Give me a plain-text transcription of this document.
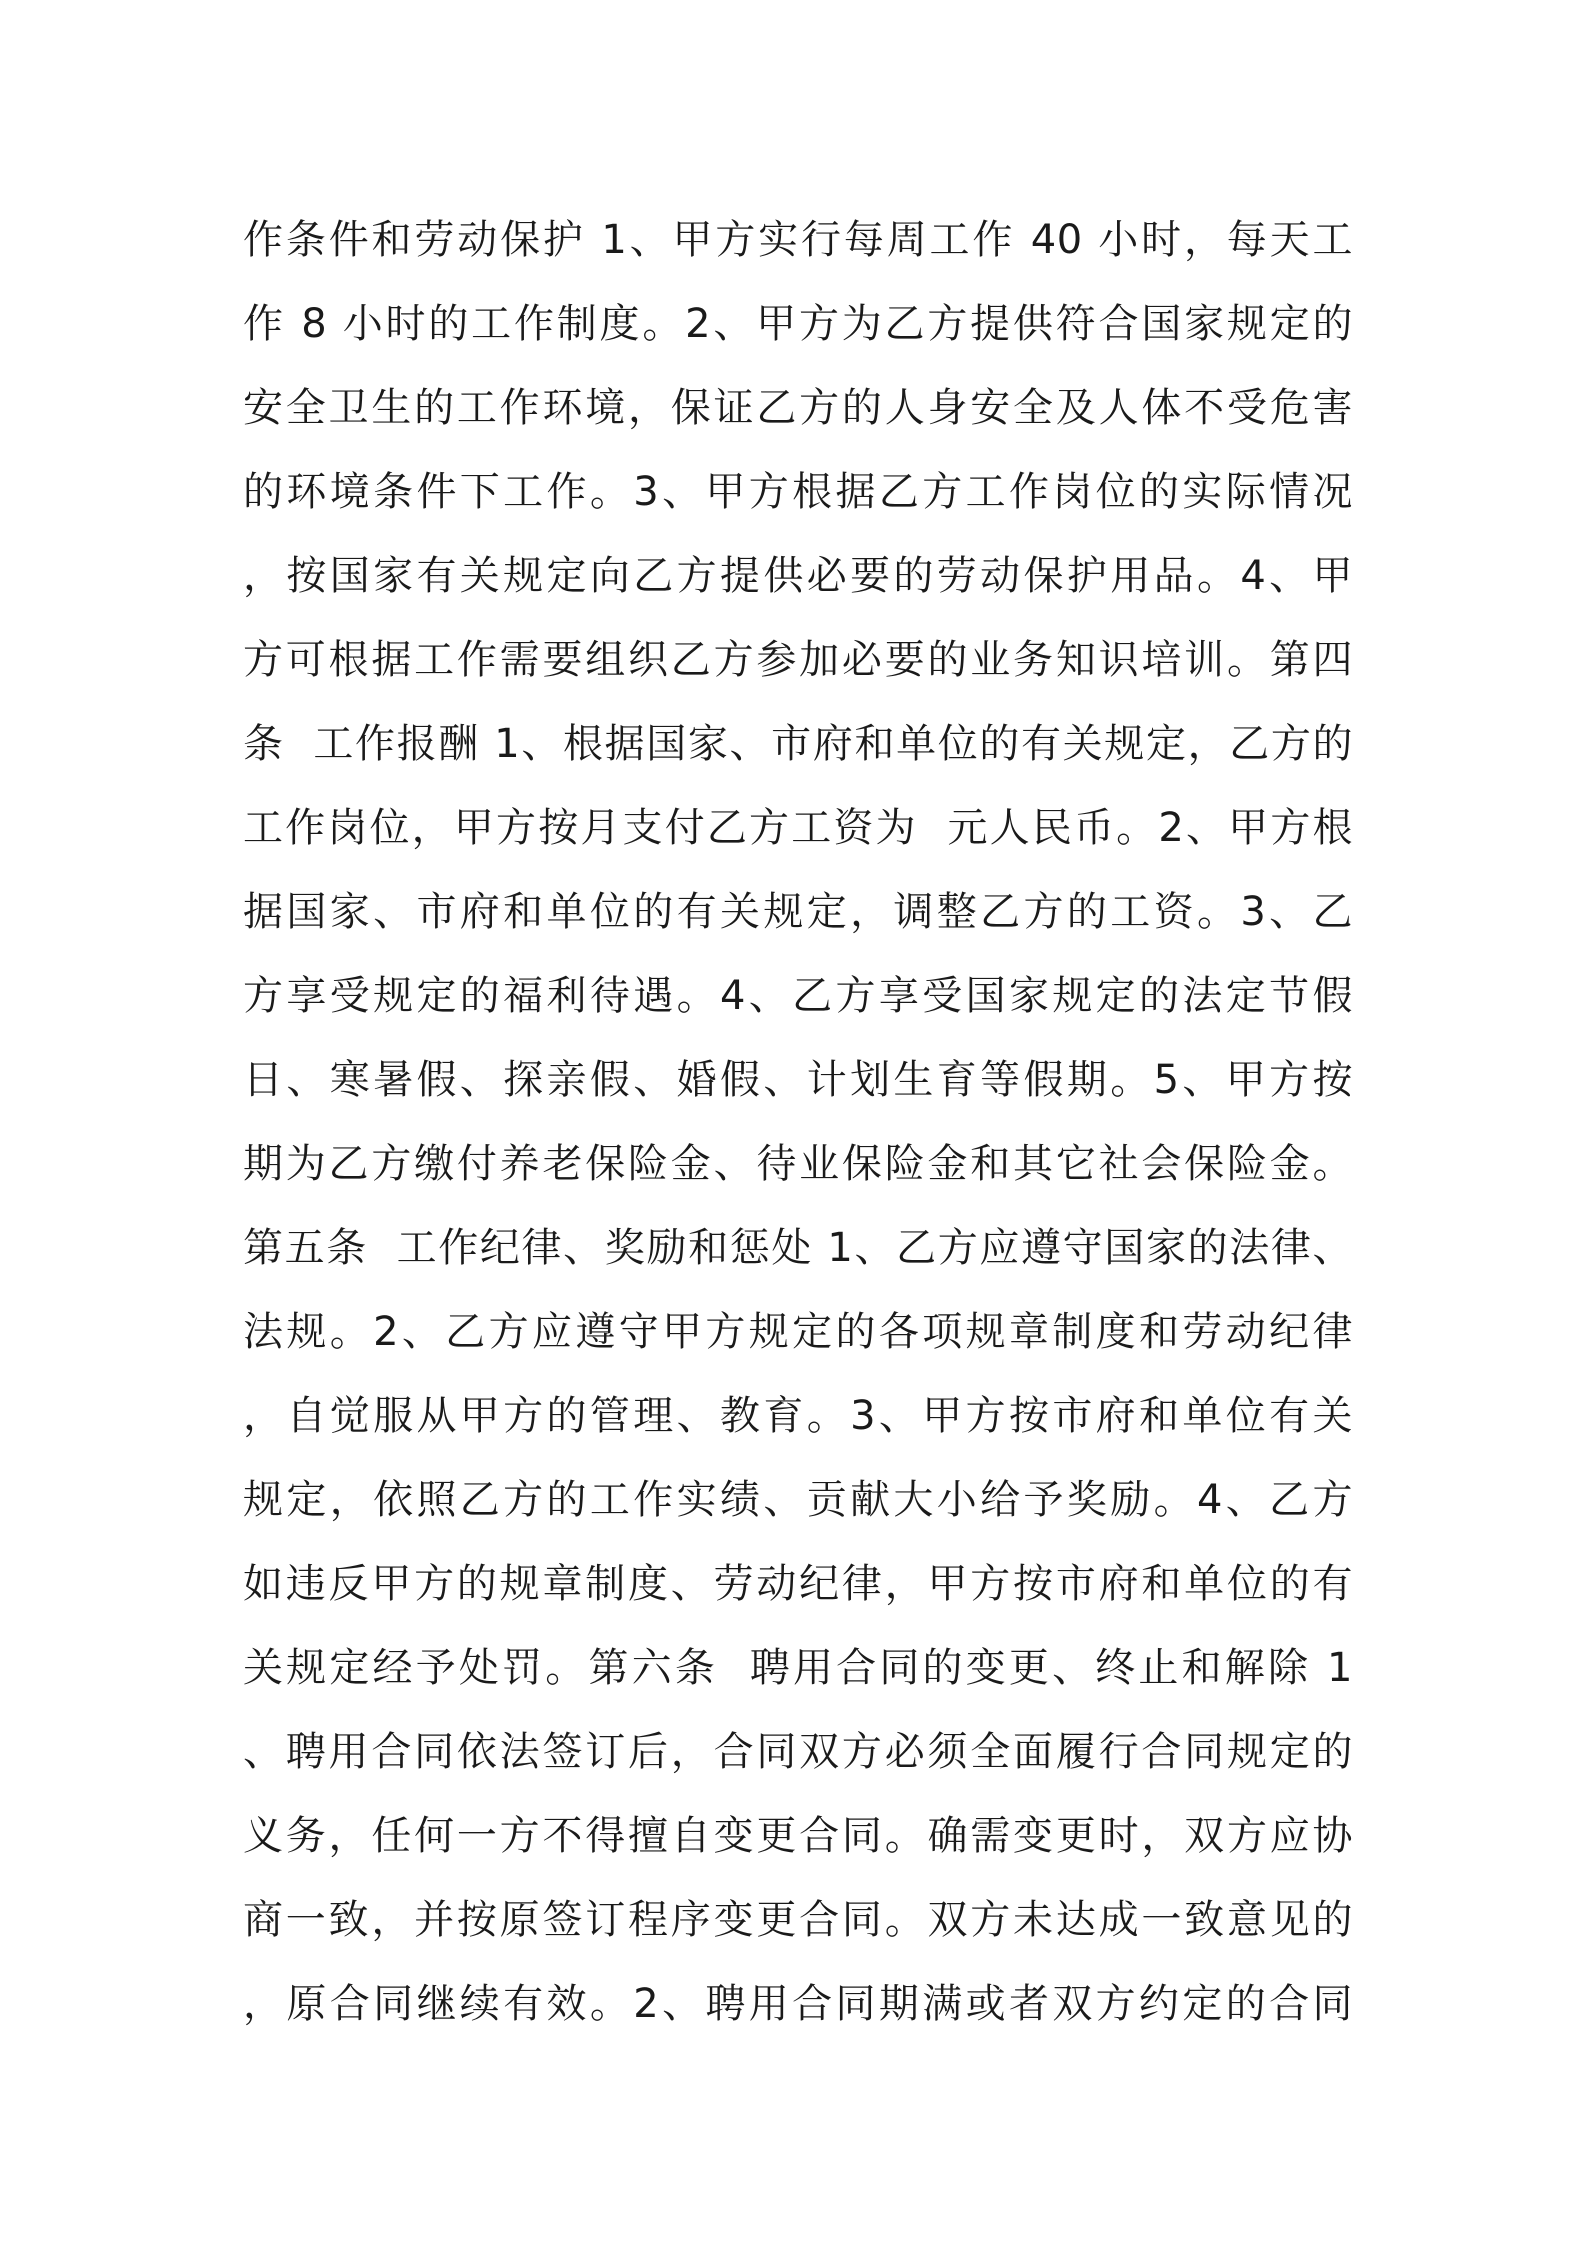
作条件和劳动保护 1、甲方实行每周工作 40 小时，每天工
作 8 小时的工作制度。2、甲方为乙方提供符合国家规定的
安全卫生的工作环境，保证乙方的人身安全及人体不受危害
的环境条件下工作。3、甲方根据乙方工作岗位的实际情况
，按国家有关规定向乙方提供必要的劳动保护用品。4、甲
方可根据工作需要组织乙方参加必要的业务知识培训。第四
条  工作报酬 1、根据国家、市府和单位的有关规定，乙方的
工作岗位，甲方按月支付乙方工资为  元人民币。2、甲方根
据国家、市府和单位的有关规定，调整乙方的工资。3、乙
方享受规定的福利待遇。4、乙方享受国家规定的法定节假
日、寒暑假、探亲假、婚假、计划生育等假期。5、甲方按
期为乙方缴付养老保险金、待业保险金和其它社会保险金。
第五条  工作纪律、奖励和惩处 1、乙方应遵守国家的法律、
法规。2、乙方应遵守甲方规定的各项规章制度和劳动纪律
，自觉服从甲方的管理、教育。3、甲方按市府和单位有关
规定，依照乙方的工作实绩、贡献大小给予奖励。4、乙方
如违反甲方的规章制度、劳动纪律，甲方按市府和单位的有
关规定经予处罚。第六条  聘用合同的变更、终止和解除 1
、聘用合同依法签订后，合同双方必须全面履行合同规定的
义务，任何一方不得擅自变更合同。确需变更时，双方应协
商一致，并按原签订程序变更合同。双方未达成一致意见的
，原合同继续有效。2、聘用合同期满或者双方约定的合同
